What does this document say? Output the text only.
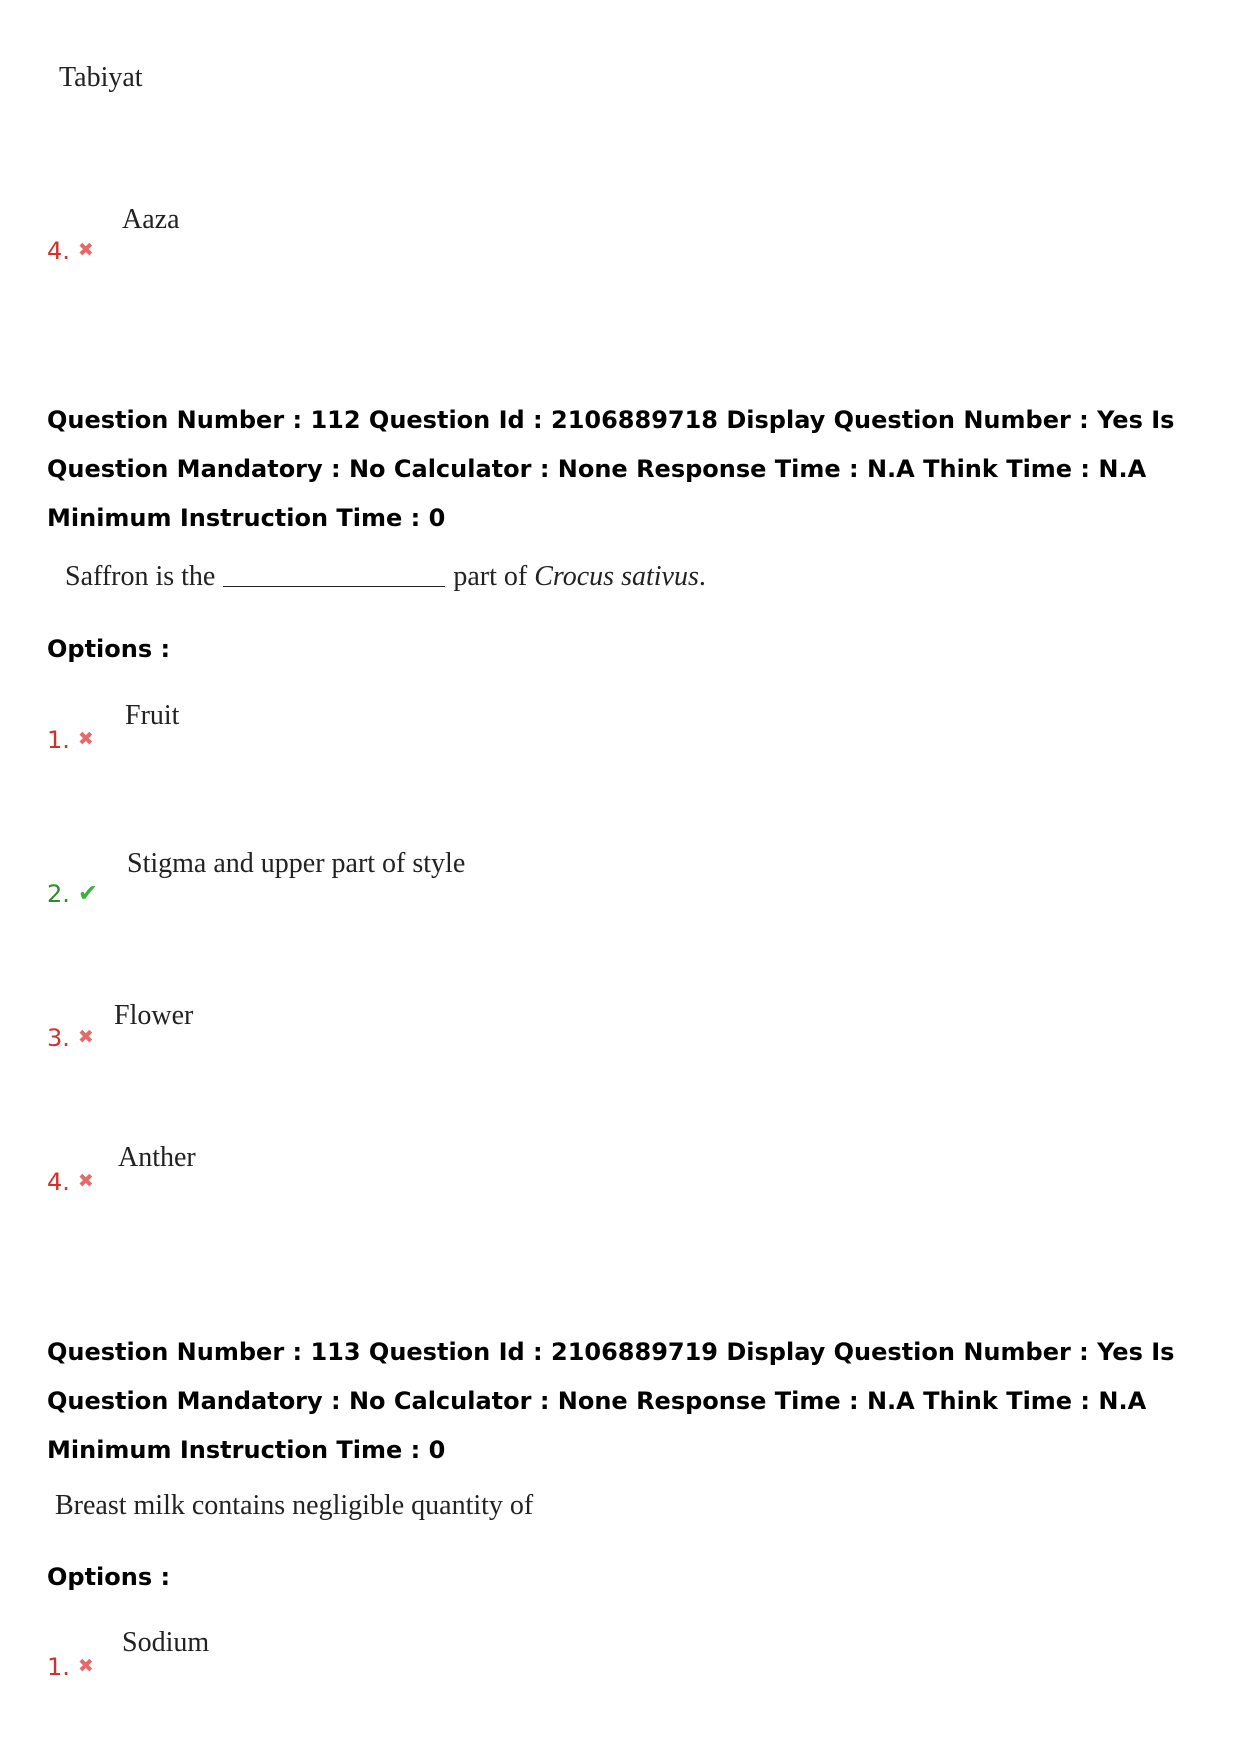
Tabiyat
4. ✖
Aaza
Question Number : 112 Question Id : 2106889718 Display Question Number : Yes Is Question Mandatory : No Calculator : None Response Time : N.A Think Time : N.A Minimum Instruction Time : 0
Saffron is the	part of Crocus sativus.
Options :
1. ✖
Fruit
2. ✔
Stigma and upper part of style
3. ✖
Flower
4. ✖
Anther
Question Number : 113 Question Id : 2106889719 Display Question Number : Yes Is Question Mandatory : No Calculator : None Response Time : N.A Think Time : N.A Minimum Instruction Time : 0
Breast milk contains negligible quantity of
Options :
1. ✖
Sodium
